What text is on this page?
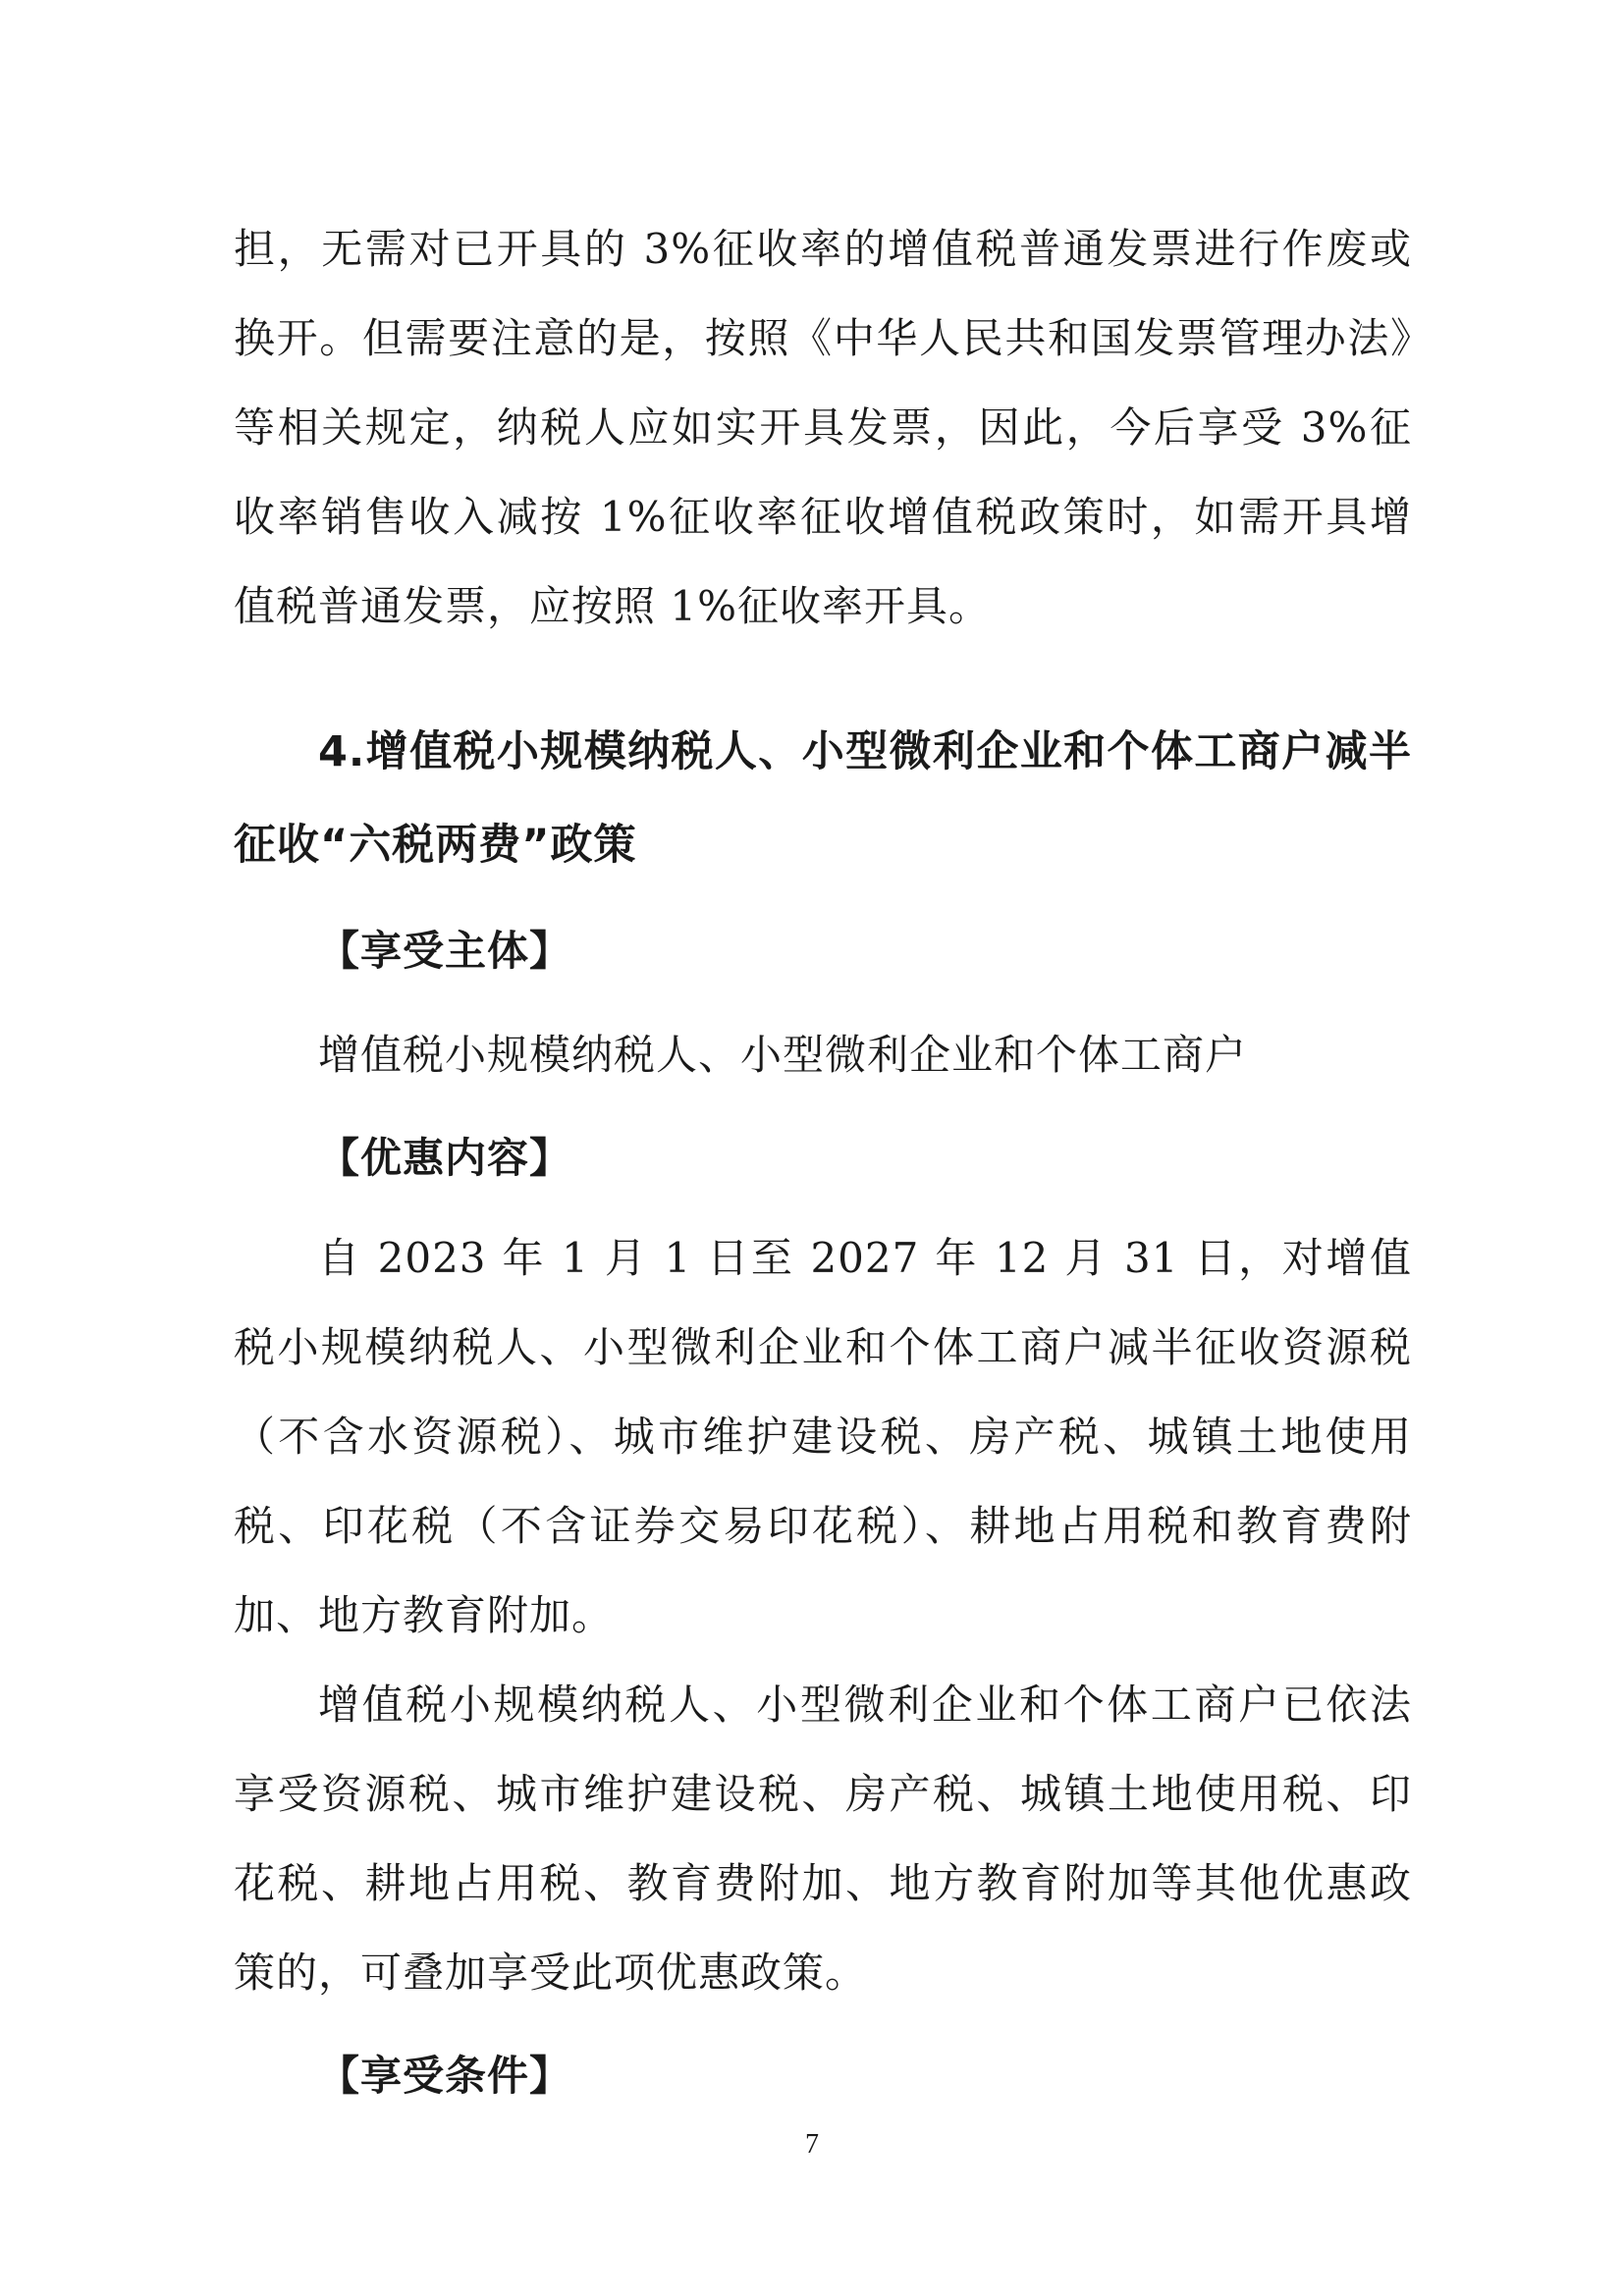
担，无需对已开具的 3%征收率的增值税普通发票进行作废或换开。但需要注意的是，按照《中华人民共和国发票管理办法》等相关规定，纳税人应如实开具发票，因此，今后享受 3%征收率销售收入减按 1%征收率征收增值税政策时，如需开具增值税普通发票，应按照 1%征收率开具。

4.增值税小规模纳税人、小型微利企业和个体工商户减半征收“六税两费”政策
【享受主体】

增值税小规模纳税人、小型微利企业和个体工商户

【优惠内容】

自 2023 年 1 月 1 日至 2027 年 12 月 31 日，对增值税小规模纳税人、小型微利企业和个体工商户减半征收资源税（不含水资源税）、城市维护建设税、房产税、城镇土地使用税、印花税（不含证券交易印花税）、耕地占用税和教育费附加、地方教育附加。

增值税小规模纳税人、小型微利企业和个体工商户已依法享受资源税、城市维护建设税、房产税、城镇土地使用税、印花税、耕地占用税、教育费附加、地方教育附加等其他优惠政策的，可叠加享受此项优惠政策。

【享受条件】
7
